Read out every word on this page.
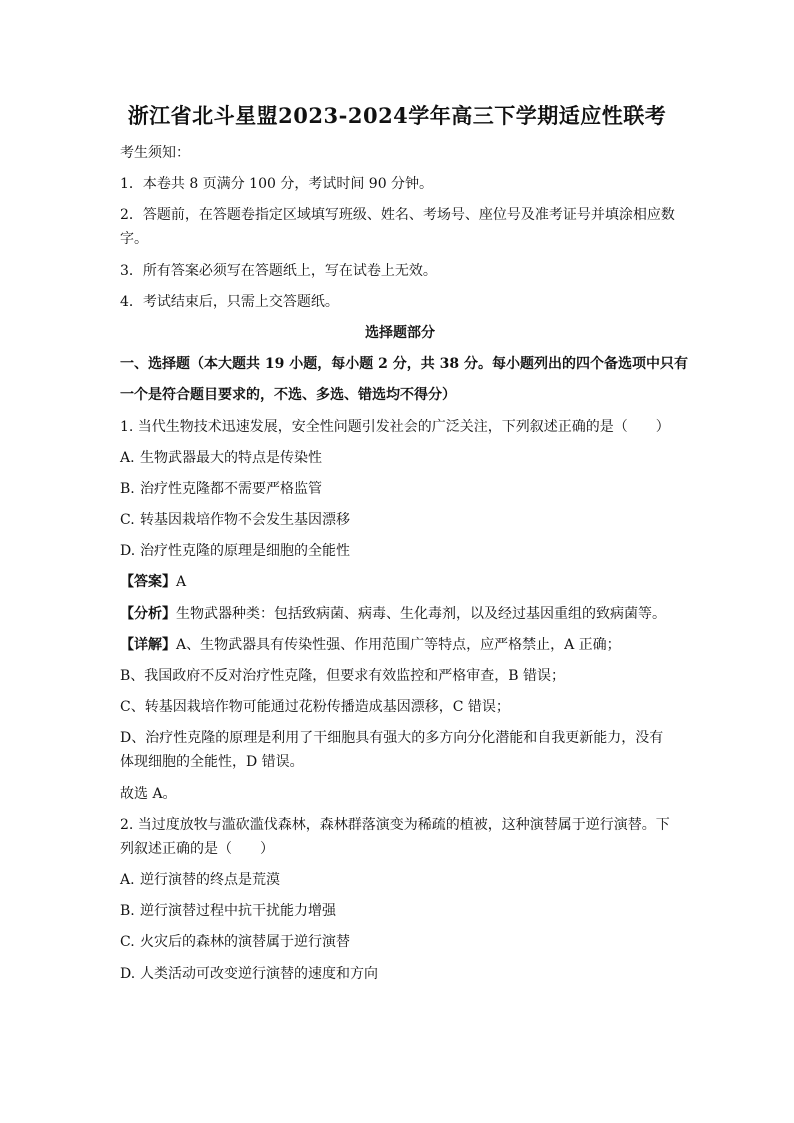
浙江省北斗星盟2023-2024学年高三下学期适应性联考
考生须知：
1．本卷共 8 页满分 100 分，考试时间 90 分钟。
2．答题前，在答题卷指定区域填写班级、姓名、考场号、座位号及准考证号并填涂相应数
字。
3．所有答案必须写在答题纸上，写在试卷上无效。
4．考试结束后，只需上交答题纸。
选择题部分
一、选择题（本大题共 19 小题，每小题 2 分，共 38 分。每小题列出的四个备选项中只有
一个是符合题目要求的，不选、多选、错选均不得分）
1. 当代生物技术迅速发展，安全性问题引发社会的广泛关注，下列叙述正确的是（　　）
A. 生物武器最大的特点是传染性
B. 治疗性克隆都不需要严格监管
C. 转基因栽培作物不会发生基因漂移
D. 治疗性克隆的原理是细胞的全能性
【答案】A
【分析】生物武器种类：包括致病菌、病毒、生化毒剂，以及经过基因重组的致病菌等。
【详解】A、生物武器具有传染性强、作用范围广等特点，应严格禁止，A 正确；
B、我国政府不反对治疗性克隆，但要求有效监控和严格审查，B 错误；
C、转基因栽培作物可能通过花粉传播造成基因漂移，C 错误；
D、治疗性克隆的原理是利用了干细胞具有强大的多方向分化潜能和自我更新能力，没有
体现细胞的全能性，D 错误。
故选 A。
2. 当过度放牧与滥砍滥伐森林，森林群落演变为稀疏的植被，这种演替属于逆行演替。下
列叙述正确的是（　　）
A. 逆行演替的终点是荒漠
B. 逆行演替过程中抗干扰能力增强
C. 火灾后的森林的演替属于逆行演替
D. 人类活动可改变逆行演替的速度和方向
